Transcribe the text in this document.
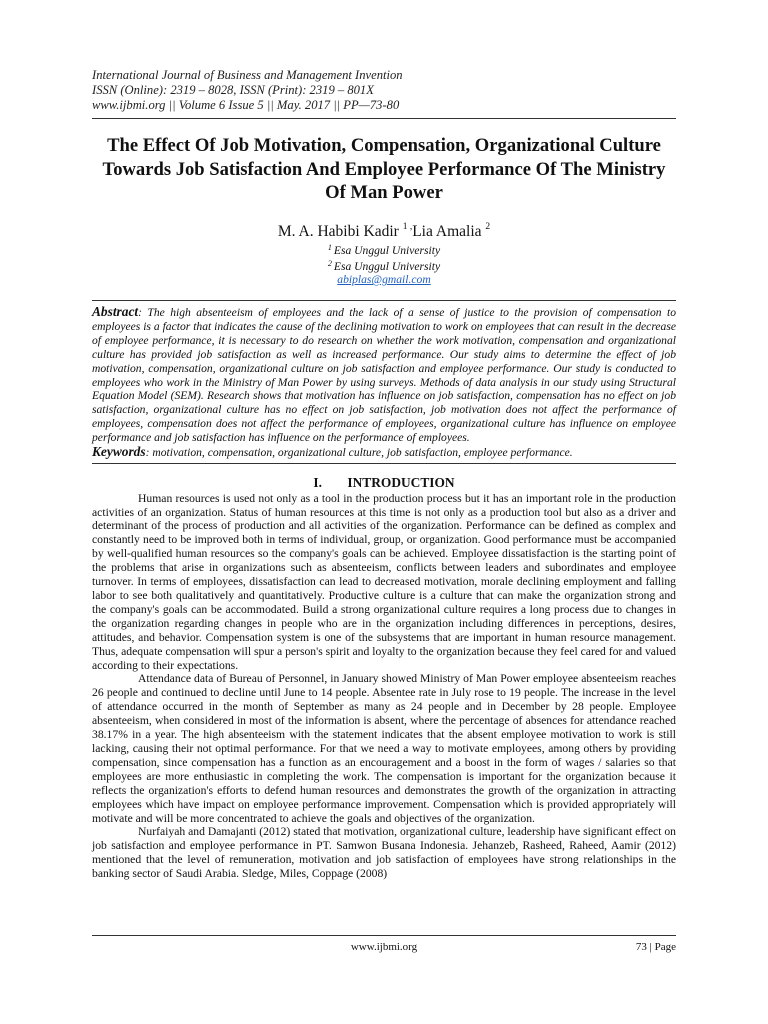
International Journal of Business and Management Invention
ISSN (Online): 2319 – 8028, ISSN (Print): 2319 – 801X
www.ijbmi.org || Volume 6 Issue 5 || May. 2017 || PP—73-80
The Effect Of Job Motivation, Compensation, Organizational Culture Towards Job Satisfaction And Employee Performance Of The Ministry Of Man Power
M. A. Habibi Kadir $^{1 ,}$Lia Amalia $^2$
$^1$ Esa Unggul University
$^2$ Esa Unggul University
abiplas@gmail.com
Abstract: The high absenteeism of employees and the lack of a sense of justice to the provision of compensation to employees is a factor that indicates the cause of the declining motivation to work on employees that can result in the decrease of employee performance, it is necessary to do research on whether the work motivation, compensation and organizational culture has provided job satisfaction as well as increased performance. Our study aims to determine the effect of job motivation, compensation, organizational culture on job satisfaction and employee performance. Our study is conducted to employees who work in the Ministry of Man Power by using surveys. Methods of data analysis in our study using Structural Equation Model (SEM). Research shows that motivation has influence on job satisfaction, compensation has no effect on job satisfaction, organizational culture has no effect on job satisfaction, job motivation does not affect the performance of employees, compensation does not affect the performance of employees, organizational culture has influence on employee performance and job satisfaction has influence on the performance of employees.
Keywords: motivation, compensation, organizational culture, job satisfaction, employee performance.
I. INTRODUCTION

Human resources is used not only as a tool in the production process but it has an important role in the production activities of an organization. Status of human resources at this time is not only as a production tool but also as a driver and determinant of the process of production and all activities of the organization. Performance can be defined as complex and constantly need to be improved both in terms of individual, group, or organization. Good performance must be accompanied by well-qualified human resources so the company's goals can be achieved. Employee dissatisfaction is the starting point of the problems that arise in organizations such as absenteeism, conflicts between leaders and subordinates and employee turnover. In terms of employees, dissatisfaction can lead to decreased motivation, morale declining employment and falling labor to see both qualitatively and quantitatively. Productive culture is a culture that can make the organization strong and the company's goals can be accommodated. Build a strong organizational culture requires a long process due to changes in the organization regarding changes in people who are in the organization including differences in perceptions, desires, attitudes, and behavior. Compensation system is one of the subsystems that are important in human resource management. Thus, adequate compensation will spur a person's spirit and loyalty to the organization because they feel cared for and valued according to their expectations.

Attendance data of Bureau of Personnel, in January showed Ministry of Man Power employee absenteeism reaches 26 people and continued to decline until June to 14 people. Absentee rate in July rose to 19 people. The increase in the level of attendance occurred in the month of September as many as 24 people and in December by 28 people. Employee absenteeism, when considered in most of the information is absent, where the percentage of absences for attendance reached 38.17% in a year. The high absenteeism with the statement indicates that the absent employee motivation to work is still lacking, causing their not optimal performance. For that we need a way to motivate employees, among others by providing compensation, since compensation has a function as an encouragement and a boost in the form of wages / salaries so that employees are more enthusiastic in completing the work. The compensation is important for the organization because it reflects the organization's efforts to defend human resources and demonstrates the growth of the organization in attracting employees which have impact on employee performance improvement. Compensation which is provided appropriately will motivate and will be more concentrated to achieve the goals and objectives of the organization.

Nurfaiyah and Damajanti (2012) stated that motivation, organizational culture, leadership have significant effect on job satisfaction and employee performance in PT. Samwon Busana Indonesia. Jehanzeb, Rasheed, Raheed, Aamir (2012) mentioned that the level of remuneration, motivation and job satisfaction of employees have strong relationships in the banking sector of Saudi Arabia. Sledge, Miles, Coppage (2008)

www.ijbmi.org	73 | Page
